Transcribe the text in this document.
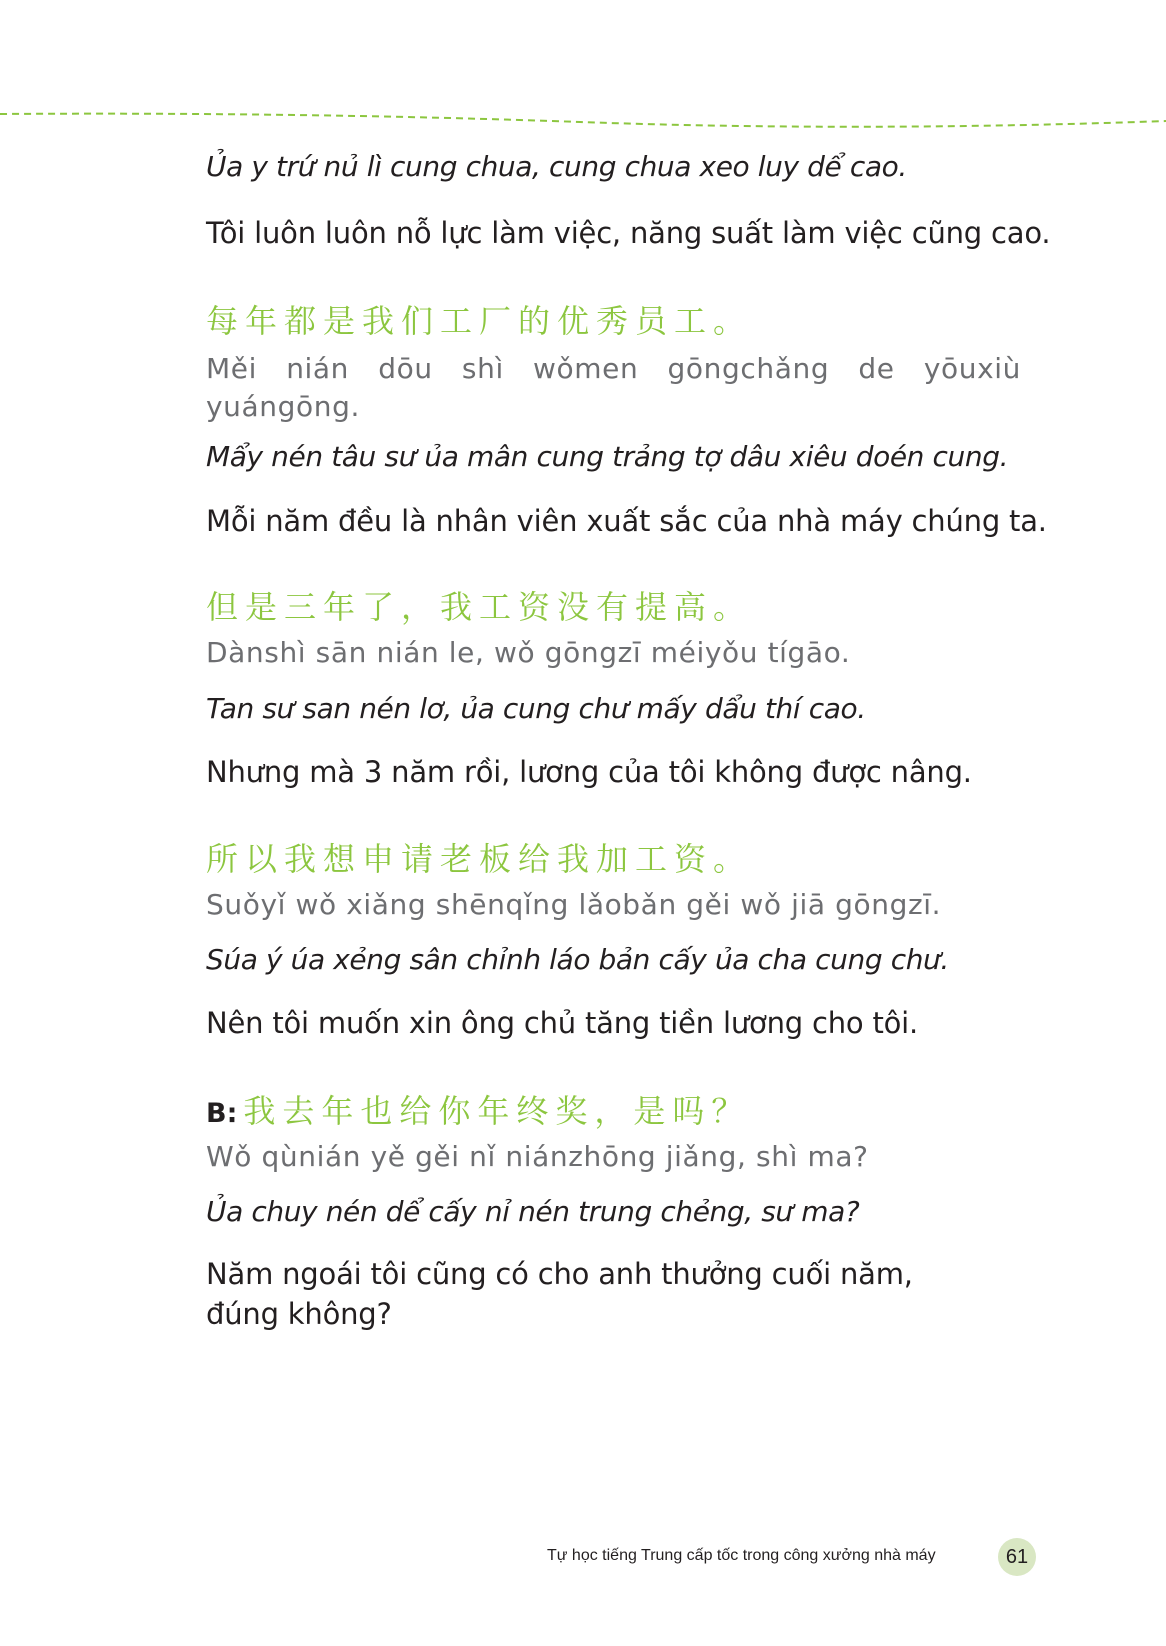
Ủa y trứ nủ lì cung chua, cung chua xeo luy dể cao.
Tôi luôn luôn nỗ lực làm việc, năng suất làm việc cũng cao.
每年都是我们工厂的优秀员工。
Měi nián dōu shì wǒmen gōngchǎng de yōuxiù yuángōng.
Mẩy nén tâu sư ủa mân cung trảng tợ dâu xiêu doén cung.
Mỗi năm đều là nhân viên xuất sắc của nhà máy chúng ta.
但是三年了，我工资没有提高。
Dànshì sān nián le, wǒ gōngzī méiyǒu tígāo.
Tan sư san nén lơ, ủa cung chư mấy dẩu thí cao.
Nhưng mà 3 năm rồi, lương của tôi không được nâng.
所以我想申请老板给我加工资。
Suǒyǐ wǒ xiǎng shēnqǐng lǎobǎn gěi wǒ jiā gōngzī.
Súa ý úa xẻng sân chỉnh láo bản cấy ủa cha cung chư.
Nên tôi muốn xin ông chủ tăng tiền lương cho tôi.
B: 我去年也给你年终奖，是吗？
Wǒ qùnián yě gěi nǐ niánzhōng jiǎng, shì ma?
Ủa chuy nén dể cấy nỉ nén trung chẻng, sư ma?
Năm ngoái tôi cũng có cho anh thưởng cuối năm, đúng không?
Tự học tiếng Trung cấp tốc trong công xưởng nhà máy	61
